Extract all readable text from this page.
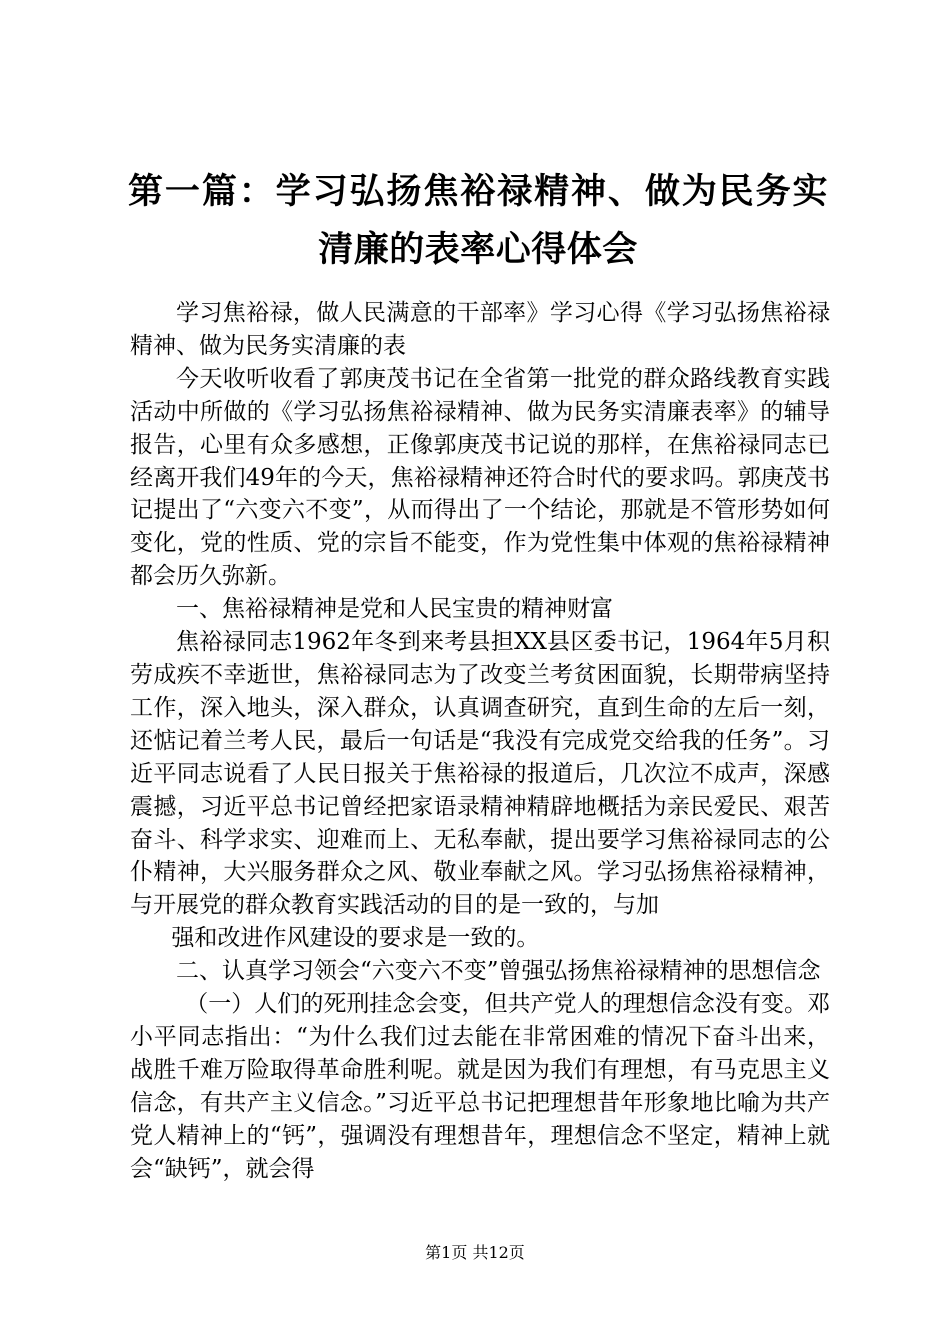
第一篇：学习弘扬焦裕禄精神、做为民务实清廉的表率心得体会

学习焦裕禄，做人民满意的干部率》学习心得《学习弘扬焦裕禄精神、做为民务实清廉的表

今天收听收看了郭庚茂书记在全省第一批党的群众路线教育实践活动中所做的《学习弘扬焦裕禄精神、做为民务实清廉表率》的辅导报告，心里有众多感想，正像郭庚茂书记说的那样，在焦裕禄同志已经离开我们49年的今天，焦裕禄精神还符合时代的要求吗。郭庚茂书记提出了“六变六不变”，从而得出了一个结论，那就是不管形势如何变化，党的性质、党的宗旨不能变，作为党性集中体观的焦裕禄精神都会历久弥新。

一、焦裕禄精神是党和人民宝贵的精神财富

焦裕禄同志1962年冬到来考县担XX县区委书记，1964年5月积劳成疾不幸逝世，焦裕禄同志为了改变兰考贫困面貌，长期带病坚持工作，深入地头，深入群众，认真调查研究，直到生命的左后一刻，还惦记着兰考人民，最后一句话是“我没有完成党交给我的任务”。习近平同志说看了人民日报关于焦裕禄的报道后，几次泣不成声，深感震撼，习近平总书记曾经把家语录精神精辟地概括为亲民爱民、艰苦奋斗、科学求实、迎难而上、无私奉献，提出要学习焦裕禄同志的公仆精神，大兴服务群众之风、敬业奉献之风。学习弘扬焦裕禄精神，与开展党的群众教育实践活动的目的是一致的，与加

强和改进作风建设的要求是一致的。

二、认真学习领会“六变六不变”曾强弘扬焦裕禄精神的思想信念

（一）人们的死刑挂念会变，但共产党人的理想信念没有变。邓小平同志指出：“为什么我们过去能在非常困难的情况下奋斗出来，战胜千难万险取得革命胜利呢。就是因为我们有理想，有马克思主义信念，有共产主义信念。”习近平总书记把理想昔年形象地比喻为共产党人精神上的“钙”，强调没有理想昔年，理想信念不坚定，精神上就会“缺钙”，就会得

第1页 共12页
